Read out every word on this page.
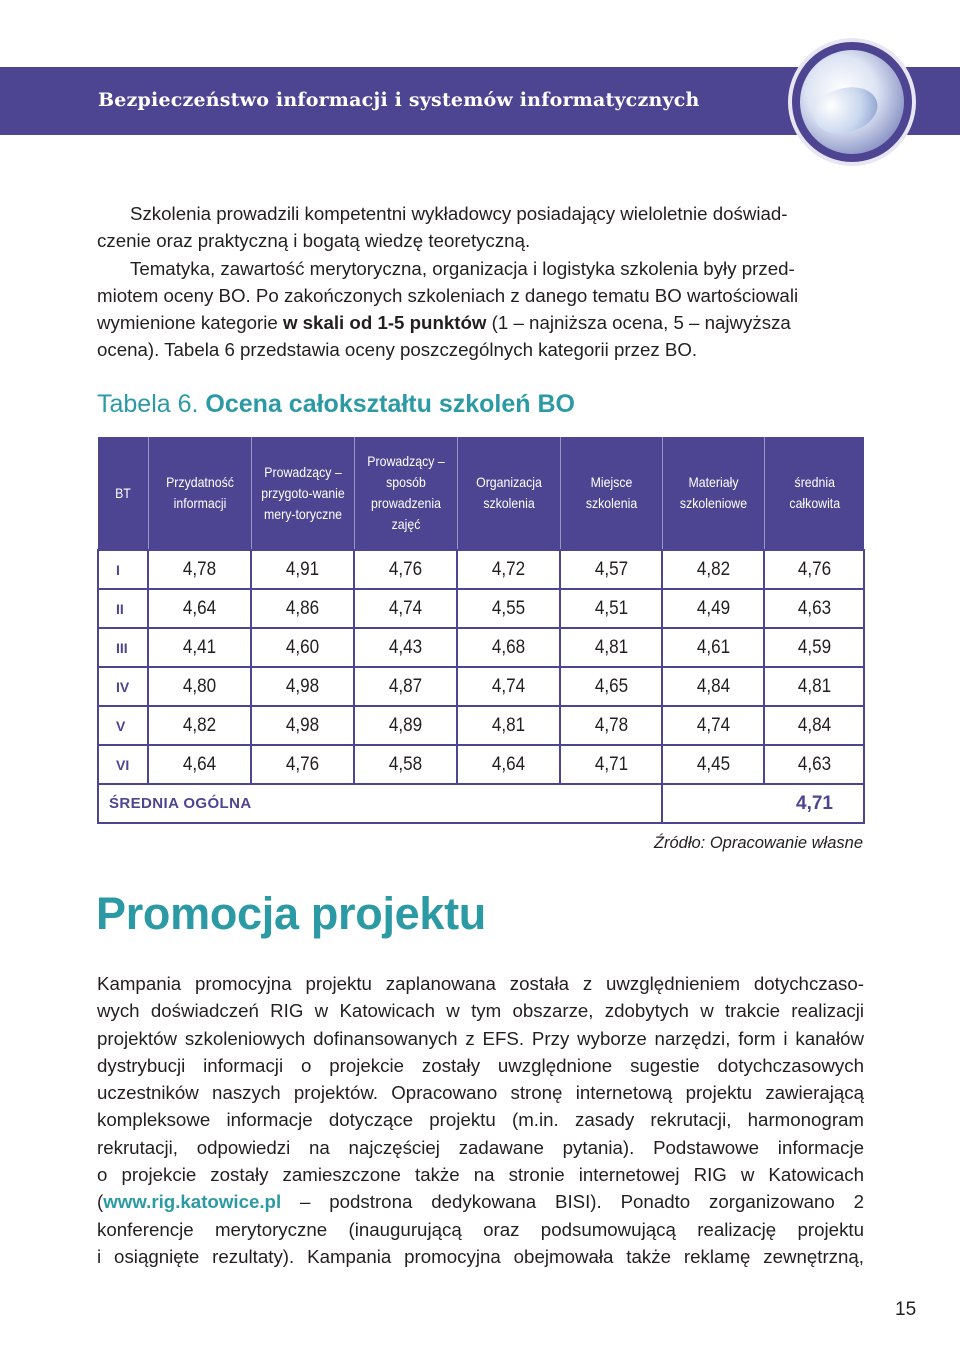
Bezpieczeństwo informacji i systemów informatycznych
Szkolenia prowadzili kompetentni wykładowcy posiadający wieloletnie doświad-
czenie oraz praktyczną i bogatą wiedzę teoretyczną.
Tematyka, zawartość merytoryczna, organizacja i logistyka szkolenia były przed-
miotem oceny BO. Po zakończonych szkoleniach z danego tematu BO wartościowali
wymienione kategorie w skali od 1-5 punktów (1 – najniższa ocena, 5 – najwyższa
ocena). Tabela 6 przedstawia oceny poszczególnych kategorii przez BO.
Tabela 6. Ocena całokształtu szkoleń BO
BT	Przydatność informacji	Prowadzący – przygoto-wanie mery-toryczne	Prowadzący – sposób prowadzenia zajęć	Organizacja szkolenia	Miejsce szkolenia	Materiały szkoleniowe	średnia całkowita
I	4,78	4,91	4,76	4,72	4,57	4,82	4,76
II	4,64	4,86	4,74	4,55	4,51	4,49	4,63
III	4,41	4,60	4,43	4,68	4,81	4,61	4,59
IV	4,80	4,98	4,87	4,74	4,65	4,84	4,81
V	4,82	4,98	4,89	4,81	4,78	4,74	4,84
VI	4,64	4,76	4,58	4,64	4,71	4,45	4,63
ŚREDNIA OGÓLNA						4,71	
Źródło: Opracowanie własne
Promocja projektu
Kampania promocyjna projektu zaplanowana została z uwzględnieniem dotychczaso-
wych doświadczeń RIG w Katowicach w tym obszarze, zdobytych w trakcie realizacji
projektów szkoleniowych dofinansowanych z EFS. Przy wyborze narzędzi, form i kanałów
dystrybucji informacji o projekcie zostały uwzględnione sugestie dotychczasowych
uczestników naszych projektów. Opracowano stronę internetową projektu zawierającą
kompleksowe informacje dotyczące projektu (m.in. zasady rekrutacji, harmonogram
rekrutacji, odpowiedzi na najczęściej zadawane pytania). Podstawowe informacje
o projekcie zostały zamieszczone także na stronie internetowej RIG w Katowicach
(www.rig.katowice.pl – podstrona dedykowana BISI). Ponadto zorganizowano 2
konferencje merytoryczne (inaugurującą oraz podsumowującą realizację projektu
i osiągnięte rezultaty). Kampania promocyjna obejmowała także reklamę zewnętrzną,
15
